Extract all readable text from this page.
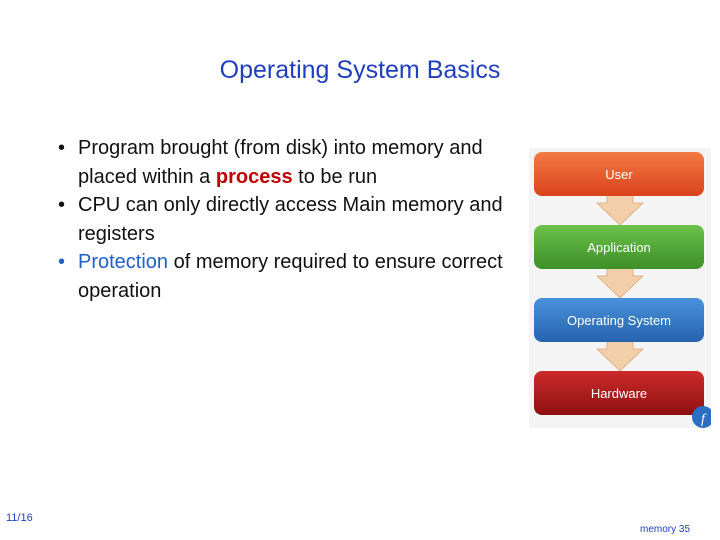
Operating System Basics
• Program brought (from disk) into memory and placed within a process to be run
• CPU can only directly access Main memory and registers
• Protection of memory required to ensure correct operation
User
Application
Operating System
Hardware
f
11/16
memory 35
